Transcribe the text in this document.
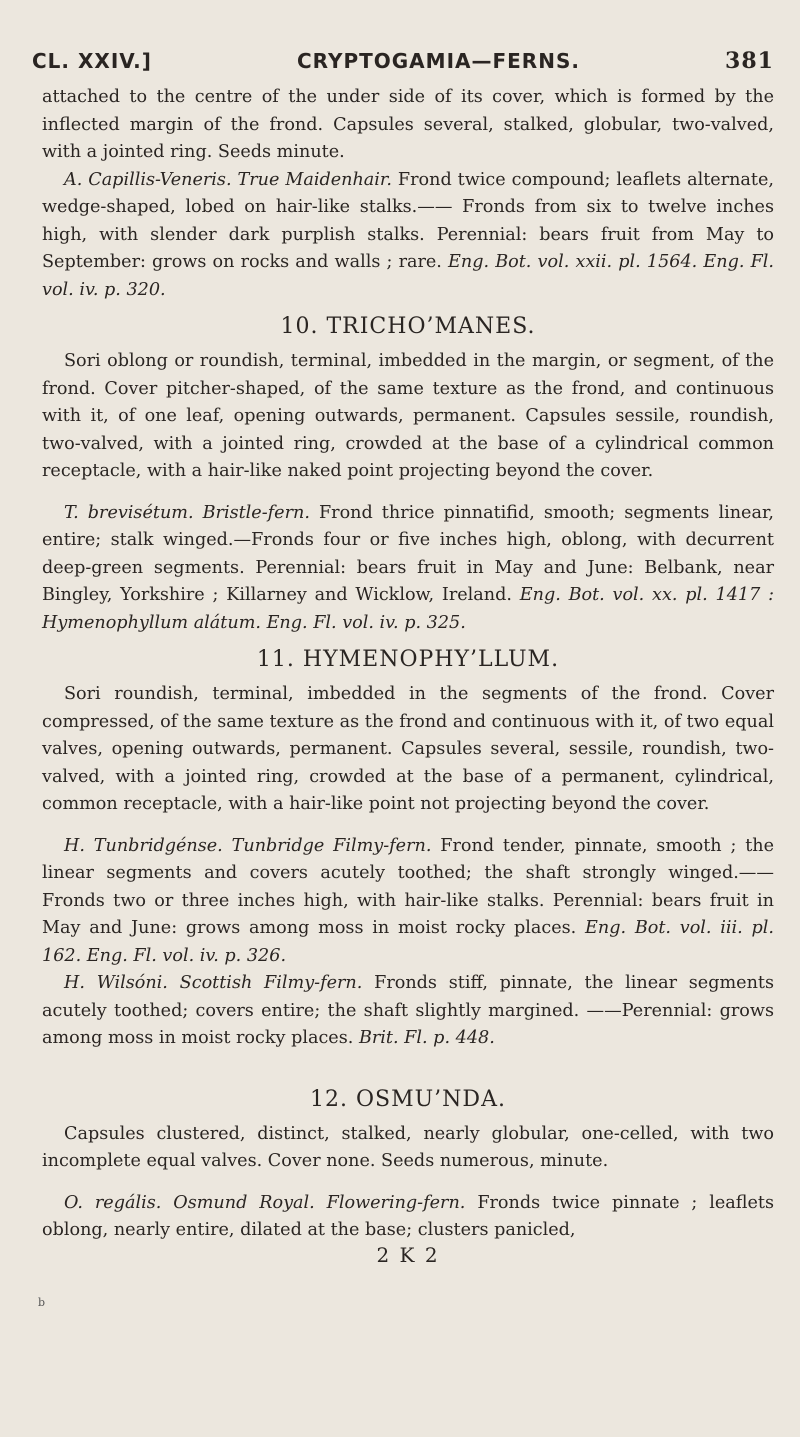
CL. XXIV.]	CRYPTOGAMIA—FERNS.	381

attached to the centre of the under side of its cover, which is formed by the inflected margin of the frond. Capsules several, stalked, globular, two-valved, with a jointed ring. Seeds minute.

A. Capillis-Veneris. True Maidenhair. Frond twice compound; leaflets alternate, wedge-shaped, lobed on hair-like stalks.—— Fronds from six to twelve inches high, with slender dark purplish stalks. Perennial: bears fruit from May to September: grows on rocks and walls ; rare. Eng. Bot. vol. xxii. pl. 1564. Eng. Fl. vol. iv. p. 320.

10. TRICHO’MANES.

Sori oblong or roundish, terminal, imbedded in the margin, or segment, of the frond. Cover pitcher-shaped, of the same texture as the frond, and continuous with it, of one leaf, opening outwards, permanent. Capsules sessile, roundish, two-valved, with a jointed ring, crowded at the base of a cylindrical common receptacle, with a hair-like naked point projecting beyond the cover.

T. brevisétum. Bristle-fern. Frond thrice pinnatifid, smooth; segments linear, entire; stalk winged.—Fronds four or five inches high, oblong, with decurrent deep-green segments. Perennial: bears fruit in May and June: Belbank, near Bingley, Yorkshire ; Killarney and Wicklow, Ireland. Eng. Bot. vol. xx. pl. 1417 : Hymenophyllum alátum. Eng. Fl. vol. iv. p. 325.

11. HYMENOPHY’LLUM.

Sori roundish, terminal, imbedded in the segments of the frond. Cover compressed, of the same texture as the frond and continuous with it, of two equal valves, opening outwards, permanent. Capsules several, sessile, roundish, two-valved, with a jointed ring, crowded at the base of a permanent, cylindrical, common receptacle, with a hair-like point not projecting beyond the cover.

H. Tunbridgénse. Tunbridge Filmy-fern. Frond tender, pinnate, smooth ; the linear segments and covers acutely toothed; the shaft strongly winged.——Fronds two or three inches high, with hair-like stalks. Perennial: bears fruit in May and June: grows among moss in moist rocky places. Eng. Bot. vol. iii. pl. 162. Eng. Fl. vol. iv. p. 326.

H. Wilsóni. Scottish Filmy-fern. Fronds stiff, pinnate, the linear segments acutely toothed; covers entire; the shaft slightly margined. ——Perennial: grows among moss in moist rocky places. Brit. Fl. p. 448.

12. OSMU’NDA.

Capsules clustered, distinct, stalked, nearly globular, one-celled, with two incomplete equal valves. Cover none. Seeds numerous, minute.

O. regális. Osmund Royal. Flowering-fern. Fronds twice pinnate ; leaflets oblong, nearly entire, dilated at the base; clusters panicled,

2 K 2
b
